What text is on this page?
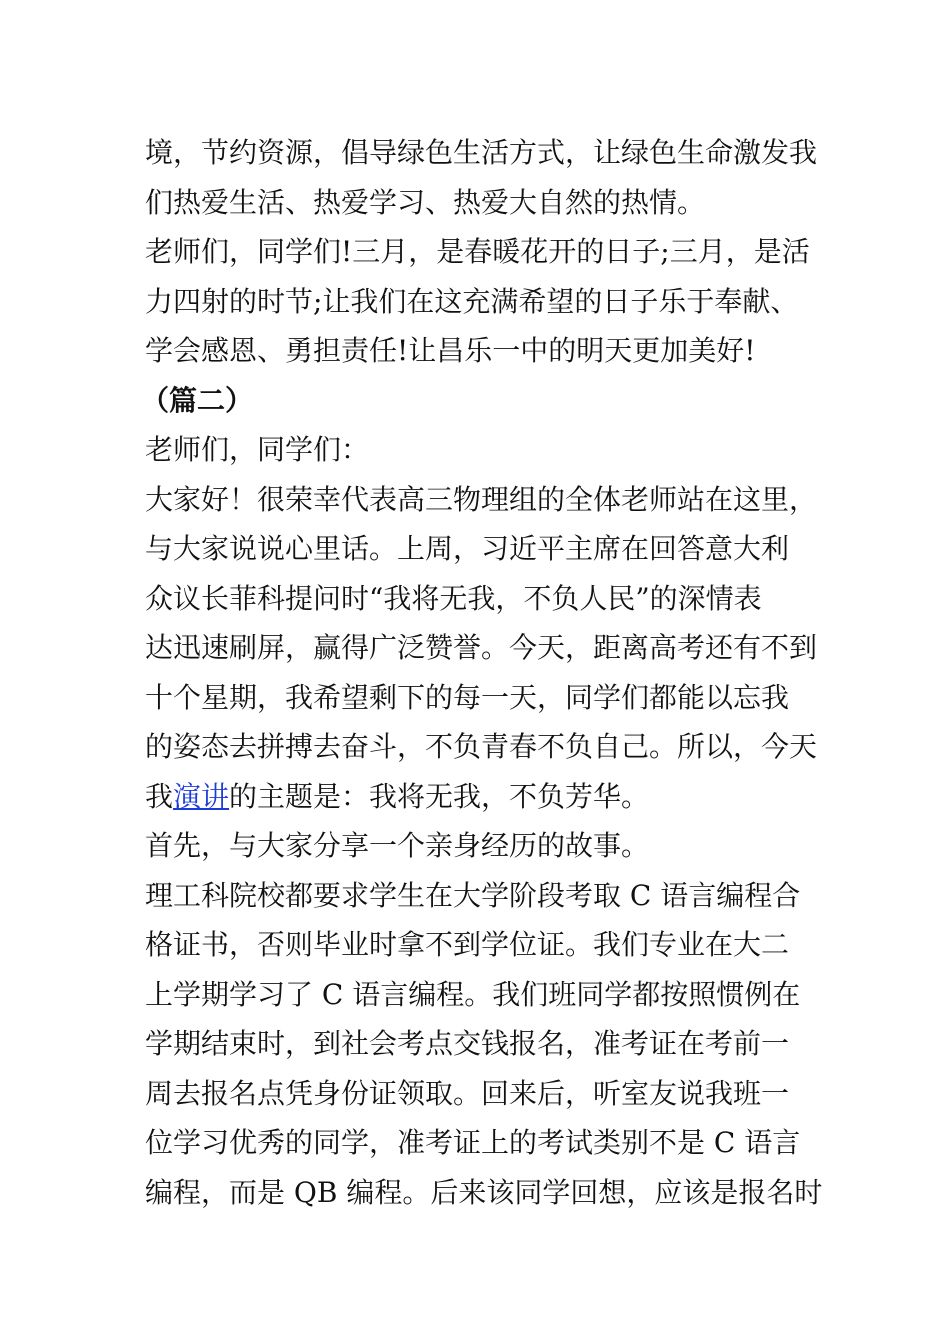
境，节约资源，倡导绿色生活方式，让绿色生命激发我
们热爱生活、热爱学习、热爱大自然的热情。
老师们，同学们!三月，是春暖花开的日子;三月，是活
力四射的时节;让我们在这充满希望的日子乐于奉献、
学会感恩、勇担责任!让昌乐一中的明天更加美好!
（篇二）
老师们，同学们：
大家好！很荣幸代表高三物理组的全体老师站在这里，
与大家说说心里话。上周，习近平主席在回答意大利
众议长菲科提问时“我将无我，不负人民”的深情表
达迅速刷屏，赢得广泛赞誉。今天，距离高考还有不到
十个星期，我希望剩下的每一天，同学们都能以忘我
的姿态去拼搏去奋斗，不负青春不负自己。所以，今天
我演讲的主题是：我将无我，不负芳华。
首先，与大家分享一个亲身经历的故事。
理工科院校都要求学生在大学阶段考取 C 语言编程合
格证书，否则毕业时拿不到学位证。我们专业在大二
上学期学习了 C 语言编程。我们班同学都按照惯例在
学期结束时，到社会考点交钱报名，准考证在考前一
周去报名点凭身份证领取。回来后，听室友说我班一
位学习优秀的同学，准考证上的考试类别不是 C 语言
编程，而是 QB 编程。后来该同学回想，应该是报名时
